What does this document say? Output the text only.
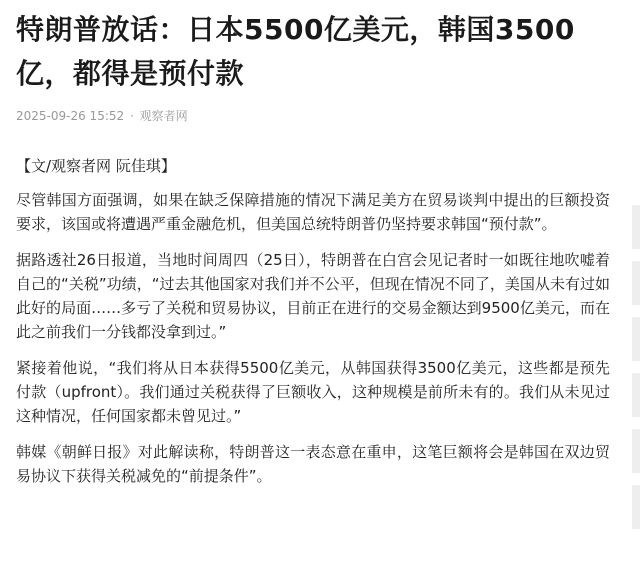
特朗普放话：日本5500亿美元，韩国3500亿，都得是预付款
2025-09-26 15:52 · 观察者网
【文/观察者网 阮佳琪】

尽管韩国方面强调，如果在缺乏保障措施的情况下满足美方在贸易谈判中提出的巨额投资要求，该国或将遭遇严重金融危机，但美国总统特朗普仍坚持要求韩国“预付款”。

据路透社26日报道，当地时间周四（25日），特朗普在白宫会见记者时一如既往地吹嘘着自己的“关税”功绩，“过去其他国家对我们并不公平，但现在情况不同了，美国从未有过如此好的局面……多亏了关税和贸易协议，目前正在进行的交易金额达到9500亿美元，而在此之前我们一分钱都没拿到过。”

紧接着他说，“我们将从日本获得5500亿美元，从韩国获得3500亿美元，这些都是预先付款（upfront）。我们通过关税获得了巨额收入，这种规模是前所未有的。我们从未见过这种情况，任何国家都未曾见过。”

韩媒《朝鲜日报》对此解读称，特朗普这一表态意在重申，这笔巨额将会是韩国在双边贸易协议下获得关税减免的“前提条件”。
